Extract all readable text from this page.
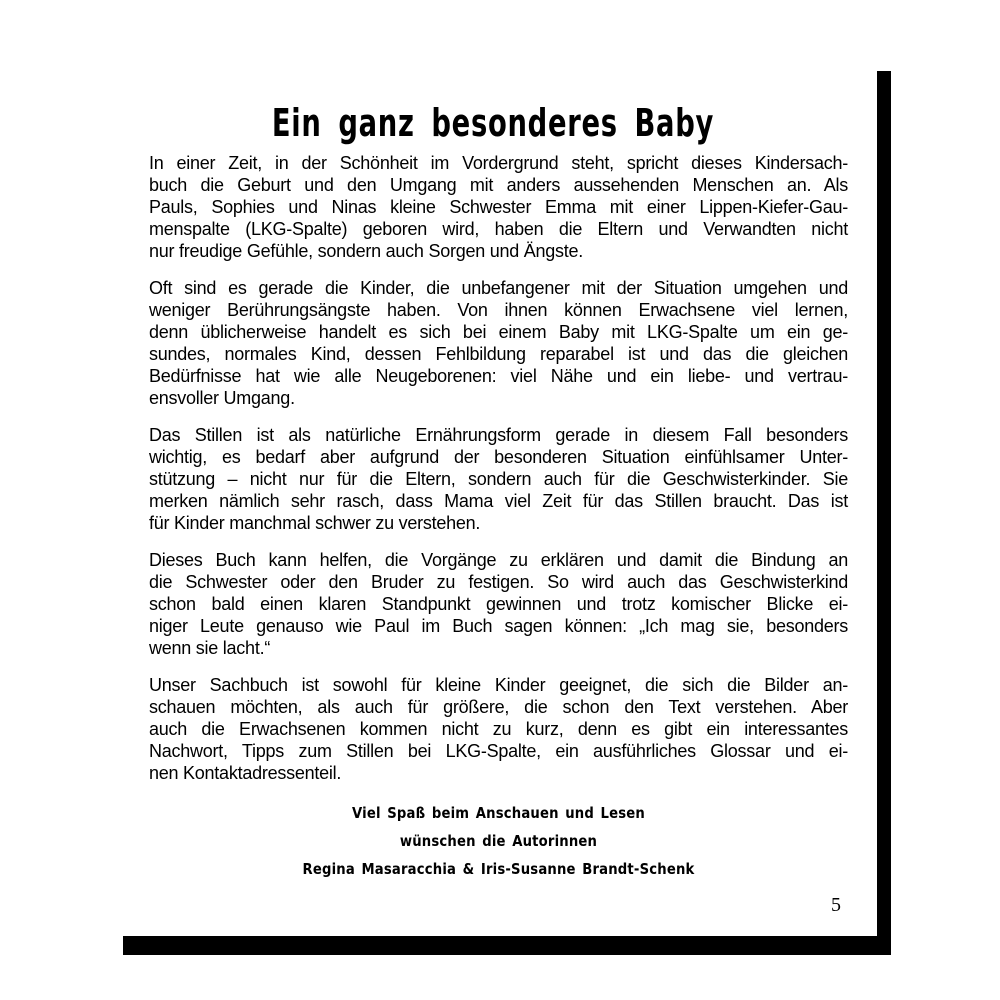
Ein ganz besonderes Baby

In einer Zeit, in der Schönheit im Vordergrund steht, spricht dieses Kindersach-
buch die Geburt und den Umgang mit anders aussehenden Menschen an. Als
Pauls, Sophies und Ninas kleine Schwester Emma mit einer Lippen-Kiefer-Gau-
menspalte (LKG-Spalte) geboren wird, haben die Eltern und Verwandten nicht
nur freudige Gefühle, sondern auch Sorgen und Ängste.

Oft sind es gerade die Kinder, die unbefangener mit der Situation umgehen und
weniger Berührungsängste haben. Von ihnen können Erwachsene viel lernen,
denn üblicherweise handelt es sich bei einem Baby mit LKG-Spalte um ein ge-
sundes, normales Kind, dessen Fehlbildung reparabel ist und das die gleichen
Bedürfnisse hat wie alle Neugeborenen: viel Nähe und ein liebe- und vertrau-
ensvoller Umgang.

Das Stillen ist als natürliche Ernährungsform gerade in diesem Fall besonders
wichtig, es bedarf aber aufgrund der besonderen Situation einfühlsamer Unter-
stützung – nicht nur für die Eltern, sondern auch für die Geschwisterkinder. Sie
merken nämlich sehr rasch, dass Mama viel Zeit für das Stillen braucht. Das ist
für Kinder manchmal schwer zu verstehen.

Dieses Buch kann helfen, die Vorgänge zu erklären und damit die Bindung an
die Schwester oder den Bruder zu festigen. So wird auch das Geschwisterkind
schon bald einen klaren Standpunkt gewinnen und trotz komischer Blicke ei-
niger Leute genauso wie Paul im Buch sagen können: „Ich mag sie, besonders
wenn sie lacht.“

Unser Sachbuch ist sowohl für kleine Kinder geeignet, die sich die Bilder an-
schauen möchten, als auch für größere, die schon den Text verstehen. Aber
auch die Erwachsenen kommen nicht zu kurz, denn es gibt ein interessantes
Nachwort, Tipps zum Stillen bei LKG-Spalte, ein ausführliches Glossar und ei-
nen Kontaktadressenteil.

Viel Spaß beim Anschauen und Lesen
wünschen die Autorinnen
Regina Masaracchia & Iris-Susanne Brandt-Schenk
5
